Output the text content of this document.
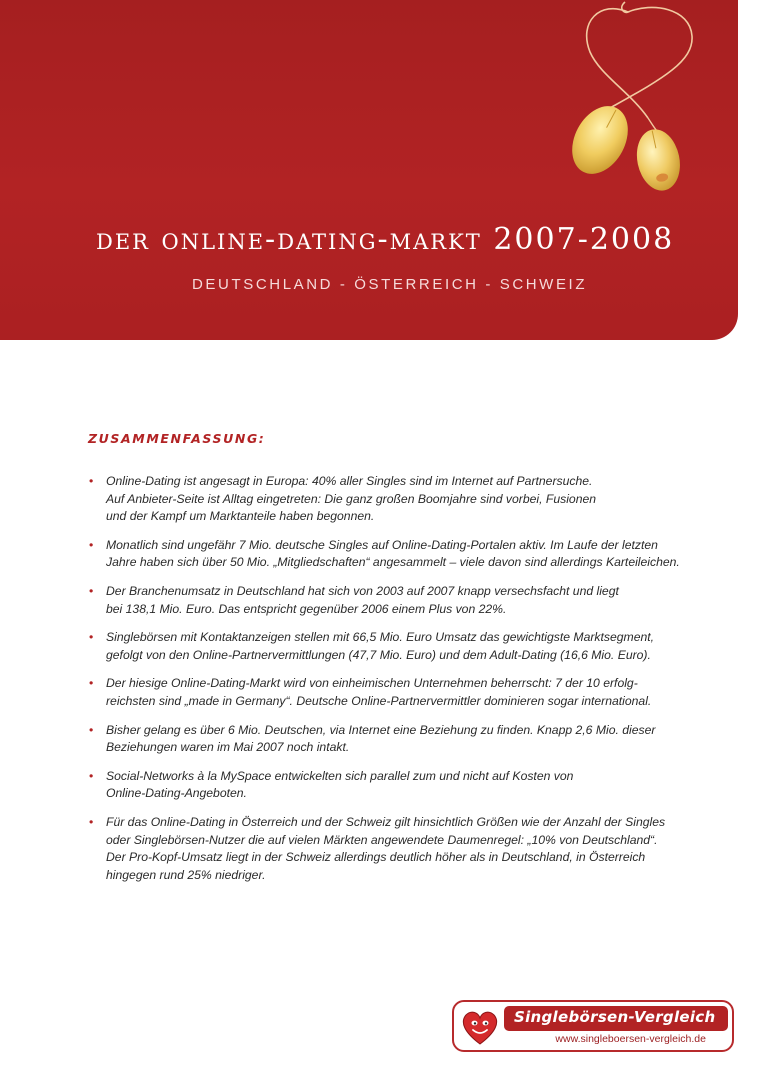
der online-dating-markt 2007-2008
DEUTSCHLAND - ÖSTERREICH - SCHWEIZ
ZUSAMMENFASSUNG:
• Online-Dating ist angesagt in Europa: 40% aller Singles sind im Internet auf Partnersuche.
Auf Anbieter-Seite ist Alltag eingetreten: Die ganz großen Boomjahre sind vorbei, Fusionen
und der Kampf um Marktanteile haben begonnen.
• Monatlich sind ungefähr 7 Mio. deutsche Singles auf Online-Dating-Portalen aktiv. Im Laufe der letzten
Jahre haben sich über 50 Mio. „Mitgliedschaften“ angesammelt – viele davon sind allerdings Karteileichen.
• Der Branchenumsatz in Deutschland hat sich von 2003 auf 2007 knapp versechsfacht und liegt
bei 138,1 Mio. Euro. Das entspricht gegenüber 2006 einem Plus von 22%.
• Singlebörsen mit Kontaktanzeigen stellen mit 66,5 Mio. Euro Umsatz das gewichtigste Marktsegment,
gefolgt von den Online-Partnervermittlungen (47,7 Mio. Euro) und dem Adult-Dating (16,6 Mio. Euro).
• Der hiesige Online-Dating-Markt wird von einheimischen Unternehmen beherrscht: 7 der 10 erfolg-
reichsten sind „made in Germany“. Deutsche Online-Partnervermittler dominieren sogar international.
• Bisher gelang es über 6 Mio. Deutschen, via Internet eine Beziehung zu finden. Knapp 2,6 Mio. dieser
Beziehungen waren im Mai 2007 noch intakt.
• Social-Networks à la MySpace entwickelten sich parallel zum und nicht auf Kosten von
Online-Dating-Angeboten.
• Für das Online-Dating in Österreich und der Schweiz gilt hinsichtlich Größen wie der Anzahl der Singles
oder Singlebörsen-Nutzer die auf vielen Märkten angewendete Daumenregel: „10% von Deutschland“.
Der Pro-Kopf-Umsatz liegt in der Schweiz allerdings deutlich höher als in Deutschland, in Österreich
hingegen rund 25% niedriger.
Singlebörsen-Vergleich
www.singleboersen-vergleich.de
